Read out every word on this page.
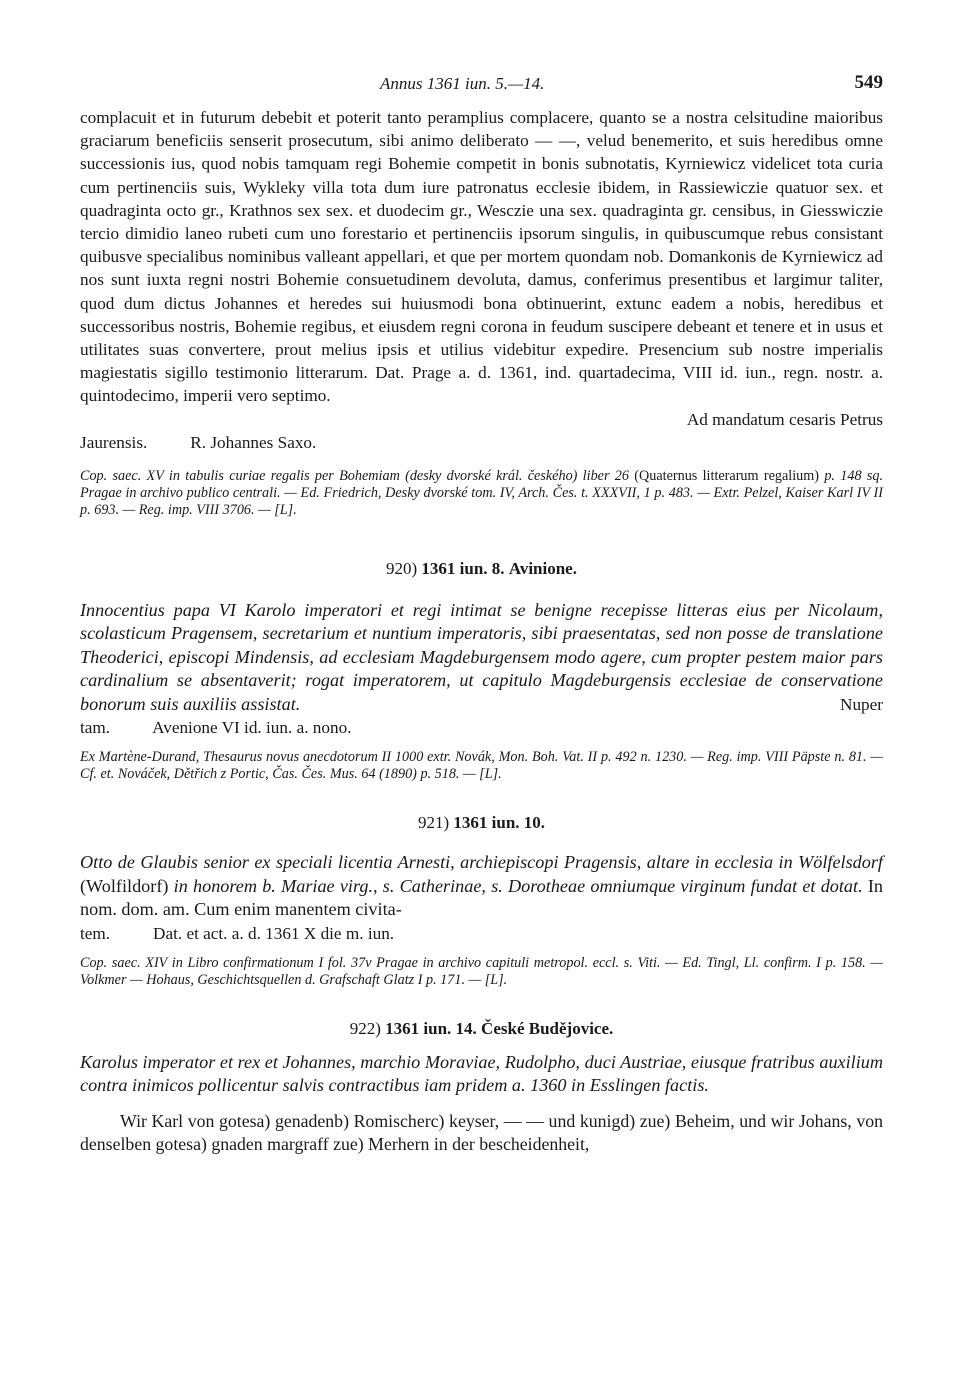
Annus 1361 iun. 5.—14.	549

complacuit et in futurum debebit et poterit tanto peramplius complacere, quanto se a nostra celsitudine maioribus graciarum beneficiis senserit prosecutum, sibi animo deliberato — —, velud benemerito, et suis heredibus omne successionis ius, quod nobis tamquam regi Bohemie competit in bonis subnotatis, Kyrniewicz videlicet tota curia cum pertinenciis suis, Wykleky villa tota dum iure patronatus ecclesie ibidem, in Rassiewiczie quatuor sex. et quadraginta octo gr., Krathnos sex sex. et duodecim gr., Wesczie una sex. quadraginta gr. censibus, in Giesswiczie tercio dimidio laneo rubeti cum uno forestario et pertinenciis ipsorum singulis, in quibuscumque rebus consistant quibusve specialibus nominibus valleant appellari, et que per mortem quondam nob. Domankonis de Kyrniewicz ad nos sunt iuxta regni nostri Bohemie consuetudinem devoluta, damus, conferimus presentibus et largimur taliter, quod dum dictus Johannes et heredes sui huiusmodi bona obtinuerint, extunc eadem a nobis, heredibus et successoribus nostris, Bohemie regibus, et eiusdem regni corona in feudum suscipere debeant et tenere et in usus et utilitates suas convertere, prout melius ipsis et utilius videbitur expedire. Presencium sub nostre imperialis magiestatis sigillo testimonio litterarum. Dat. Prage a. d. 1361, ind. quartadecima, VIII id. iun., regn. nostr. a. quintodecimo, imperii vero septimo.

Ad mandatum cesaris Petrus

Jaurensis.          R. Johannes Saxo.

Cop. saec. XV in tabulis curiae regalis per Bohemiam (desky dvorské král. českého) liber 26 (Quaternus litterarum regalium) p. 148 sq. Pragae in archivo publico centrali. — Ed. Friedrich, Desky dvorské tom. IV, Arch. Čes. t. XXXVII, 1 p. 483. — Extr. Pelzel, Kaiser Karl IV II p. 693. — Reg. imp. VIII 3706. — [L].

920) 1361 iun. 8. Avinione.

Innocentius papa VI Karolo imperatori et regi intimat se benigne recepisse litteras eius per Nicolaum, scolasticum Pragensem, secretarium et nuntium imperatoris, sibi praesentatas, sed non posse de translatione Theoderici, episcopi Mindensis, ad ecclesiam Magdeburgensem modo agere, cum propter pestem maior pars cardinalium se absentaverit; rogat imperatorem, ut capitulo Magdeburgensis ecclesiae de conservatione bonorum suis auxiliis assistat.	Nuper

tam.          Avenione VI id. iun. a. nono.

Ex Martène-Durand, Thesaurus novus anecdotorum II 1000 extr. Novák, Mon. Boh. Vat. II p. 492 n. 1230. — Reg. imp. VIII Päpste n. 81. — Cf. et. Nováček, Dětřich z Portic, Čas. Čes. Mus. 64 (1890) p. 518. — [L].

921) 1361 iun. 10.

Otto de Glaubis senior ex speciali licentia Arnesti, archiepiscopi Pragensis, altare in ecclesia in Wölfelsdorf (Wolfildorf) in honorem b. Mariae virg., s. Catherinae, s. Dorotheae omniumque virginum fundat et dotat. In nom. dom. am. Cum enim manentem civita-

tem.          Dat. et act. a. d. 1361 X die m. iun.

Cop. saec. XIV in Libro confirmationum I fol. 37v Pragae in archivo capituli metropol. eccl. s. Viti. — Ed. Tingl, Ll. confirm. I p. 158. — Volkmer — Hohaus, Geschichtsquellen d. Grafschaft Glatz I p. 171. — [L].

922) 1361 iun. 14. České Budějovice.

Karolus imperator et rex et Johannes, marchio Moraviae, Rudolpho, duci Austriae, eiusque fratribus auxilium contra inimicos pollicentur salvis contractibus iam pridem a. 1360 in Esslingen factis.

Wir Karl von gotesa) genadenb) Romischerc) keyser, — — und kunigd) zue) Beheim, und wir Johans, von denselben gotesa) gnaden margraff zue) Merhern in der bescheidenheit,
